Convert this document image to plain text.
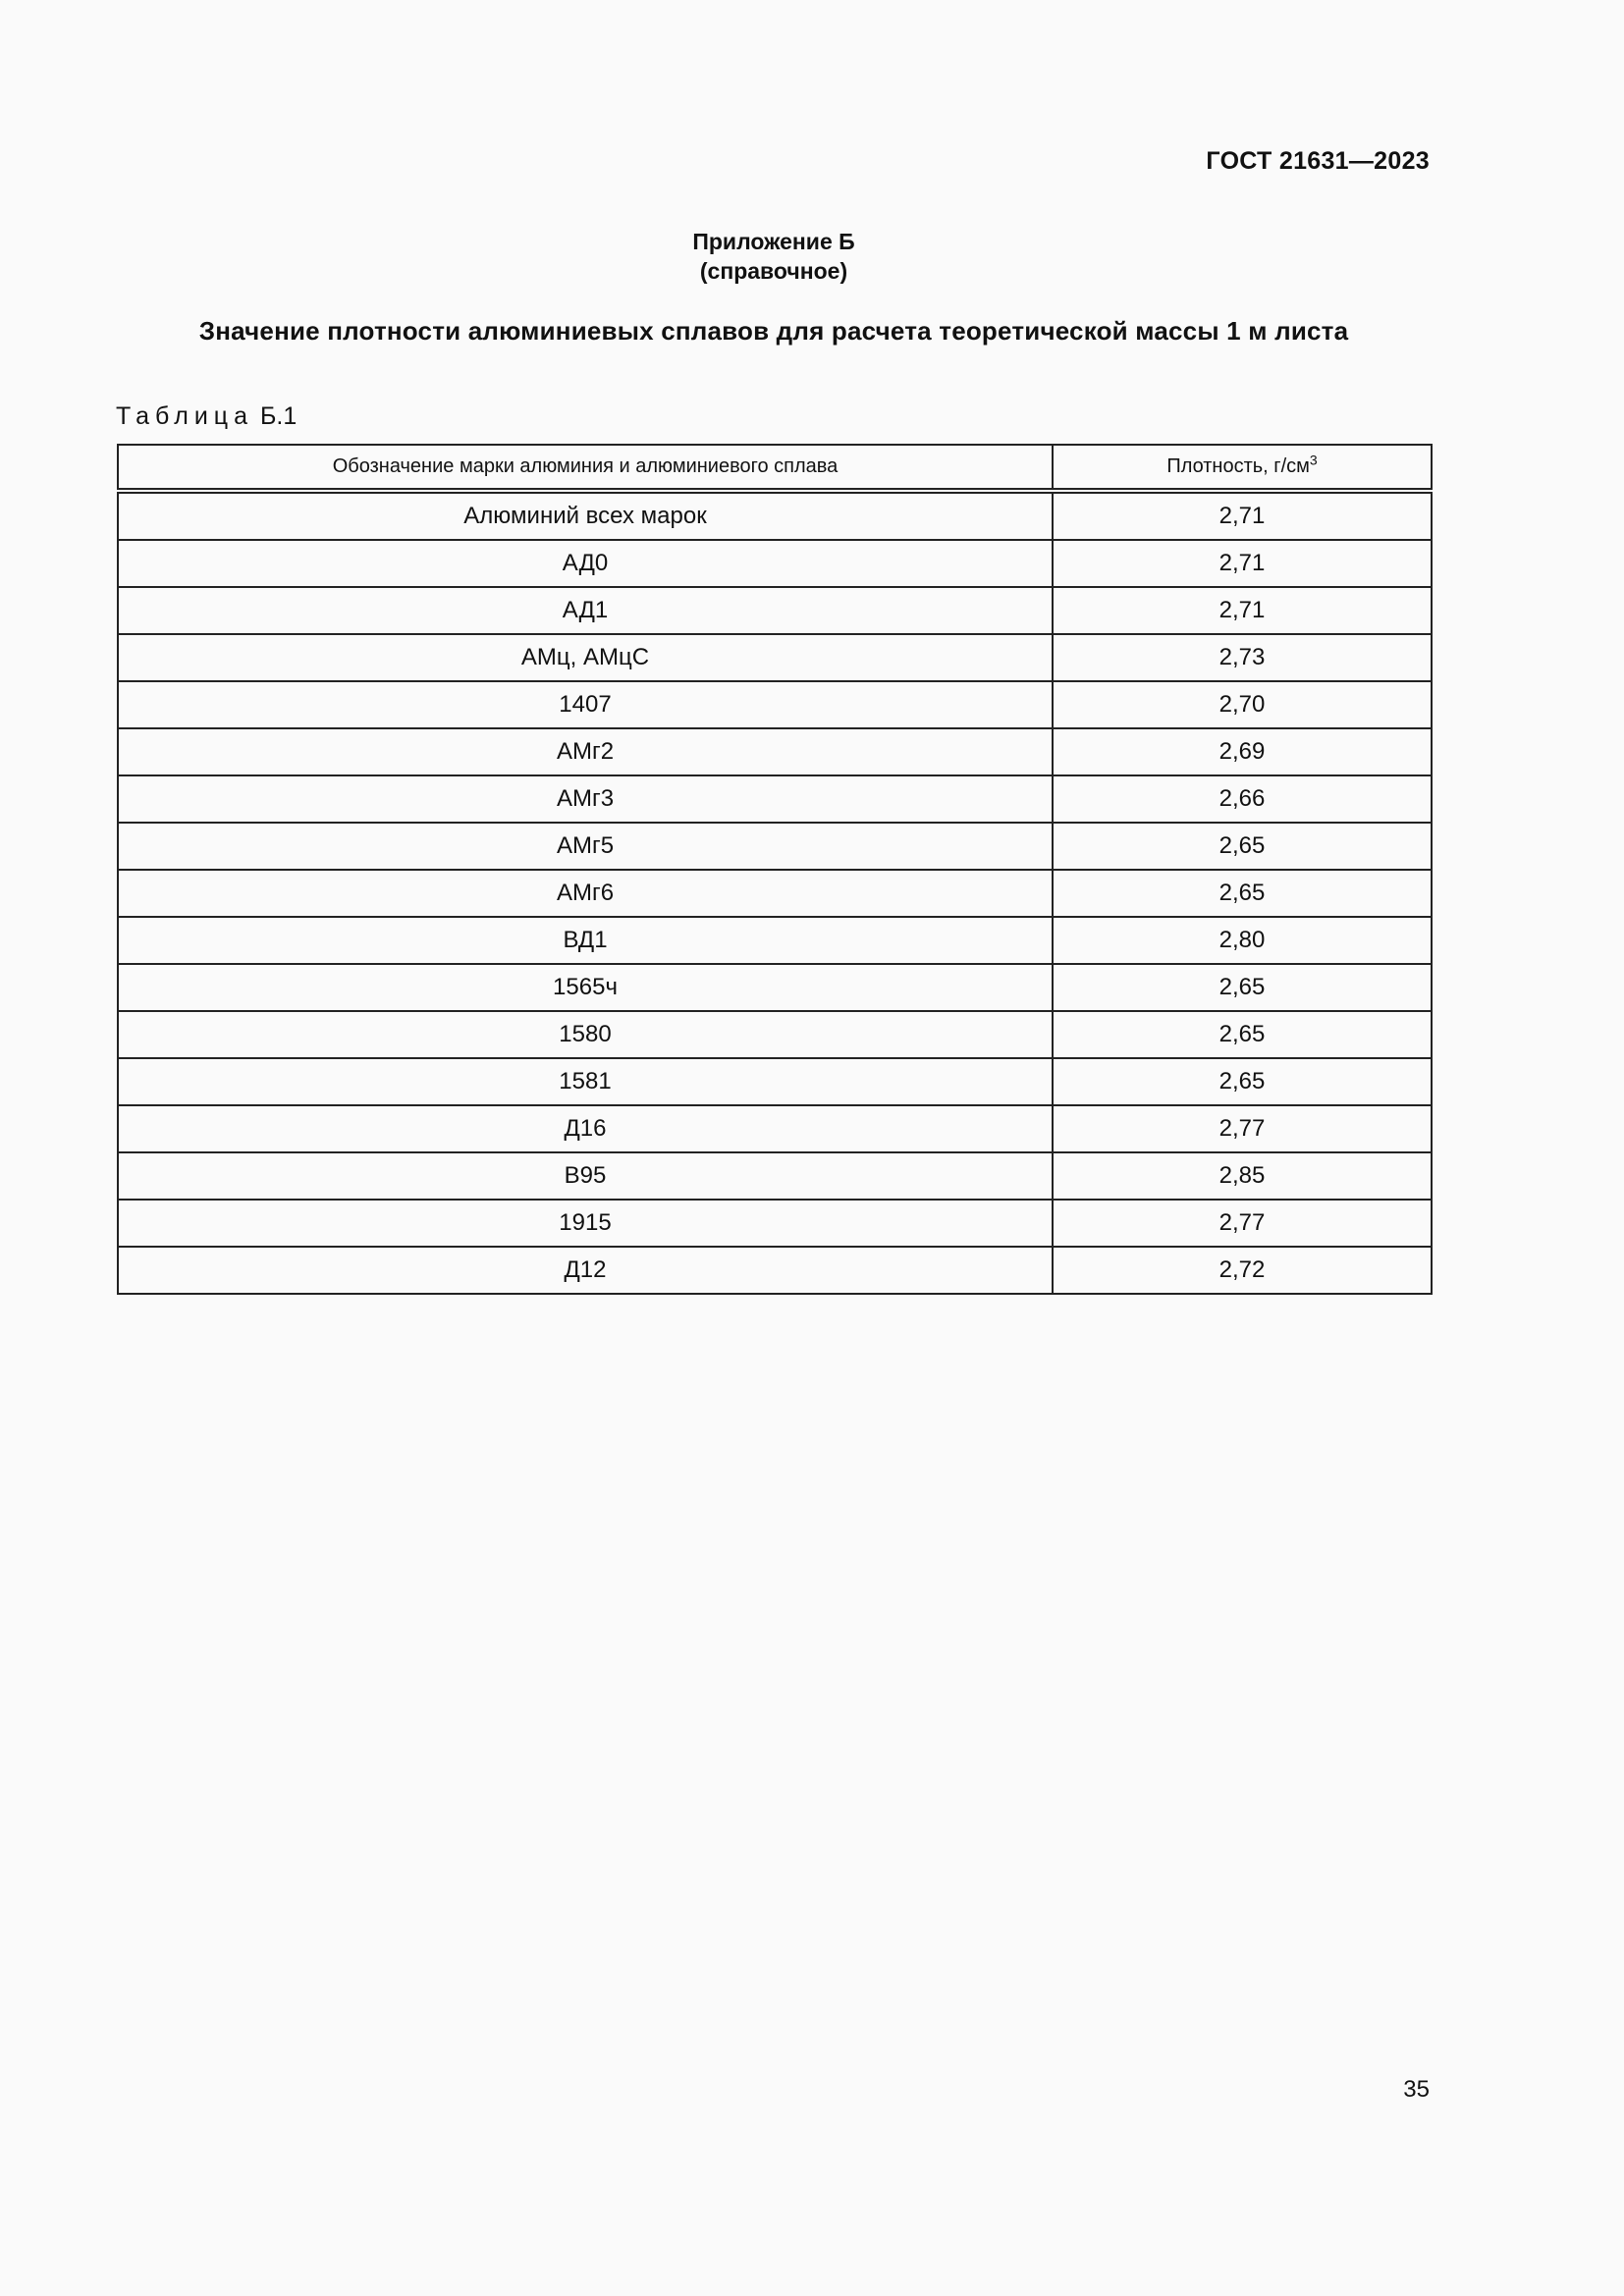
ГОСТ 21631—2023
Приложение Б
(справочное)
Значение плотности алюминиевых сплавов для расчета теоретической массы 1 м листа
Таблица Б.1
Обозначение марки алюминия и алюминиевого сплава	Плотность, $г/см^3$
Алюминий всех марок	2,71
АД0	2,71
АД1	2,71
АМц, АМцС	2,73
1407	2,70
АМг2	2,69
АМг3	2,66
АМг5	2,65
АМг6	2,65
ВД1	2,80
1565ч	2,65
1580	2,65
1581	2,65
Д16	2,77
В95	2,85
1915	2,77
Д12	2,72
35
